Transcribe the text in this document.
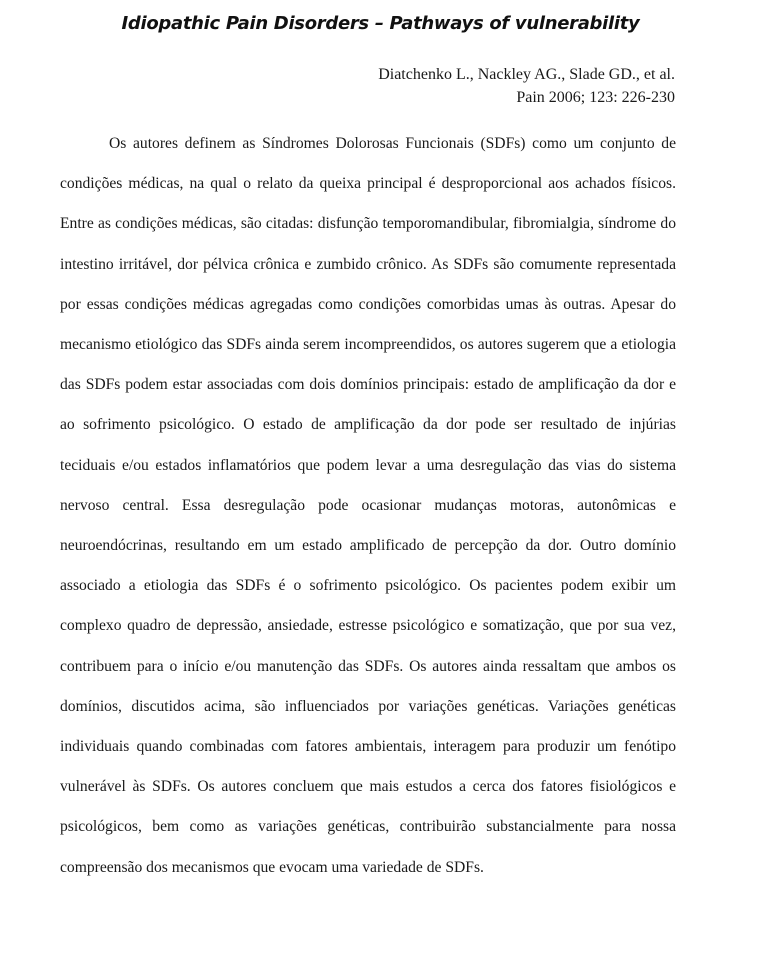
Idiopathic Pain Disorders – Pathways of vulnerability
Diatchenko L., Nackley AG., Slade GD., et al.
Pain 2006; 123: 226-230

Os autores definem as Síndromes Dolorosas Funcionais (SDFs) como um conjunto de condições médicas, na qual o relato da queixa principal é desproporcional aos achados físicos. Entre as condições médicas, são citadas: disfunção temporomandibular, fibromialgia, síndrome do intestino irritável, dor pélvica crônica e zumbido crônico. As SDFs são comumente representada por essas condições médicas agregadas como condições comorbidas umas às outras. Apesar do mecanismo etiológico das SDFs ainda serem incompreendidos, os autores sugerem que a etiologia das SDFs podem estar associadas com dois domínios principais: estado de amplificação da dor e ao sofrimento psicológico. O estado de amplificação da dor pode ser resultado de injúrias teciduais e/ou estados inflamatórios que podem levar a uma desregulação das vias do sistema nervoso central. Essa desregulação pode ocasionar mudanças motoras, autonômicas e neuroendócrinas, resultando em um estado amplificado de percepção da dor. Outro domínio associado a etiologia das SDFs é o sofrimento psicológico. Os pacientes podem exibir um complexo quadro de depressão, ansiedade, estresse psicológico e somatização, que por sua vez, contribuem para o início e/ou manutenção das SDFs. Os autores ainda ressaltam que ambos os domínios, discutidos acima, são influenciados por variações genéticas. Variações genéticas individuais quando combinadas com fatores ambientais, interagem para produzir um fenótipo vulnerável às SDFs. Os autores concluem que mais estudos a cerca dos fatores fisiológicos e psicológicos, bem como as variações genéticas, contribuirão substancialmente para nossa compreensão dos mecanismos que evocam uma variedade de SDFs.
